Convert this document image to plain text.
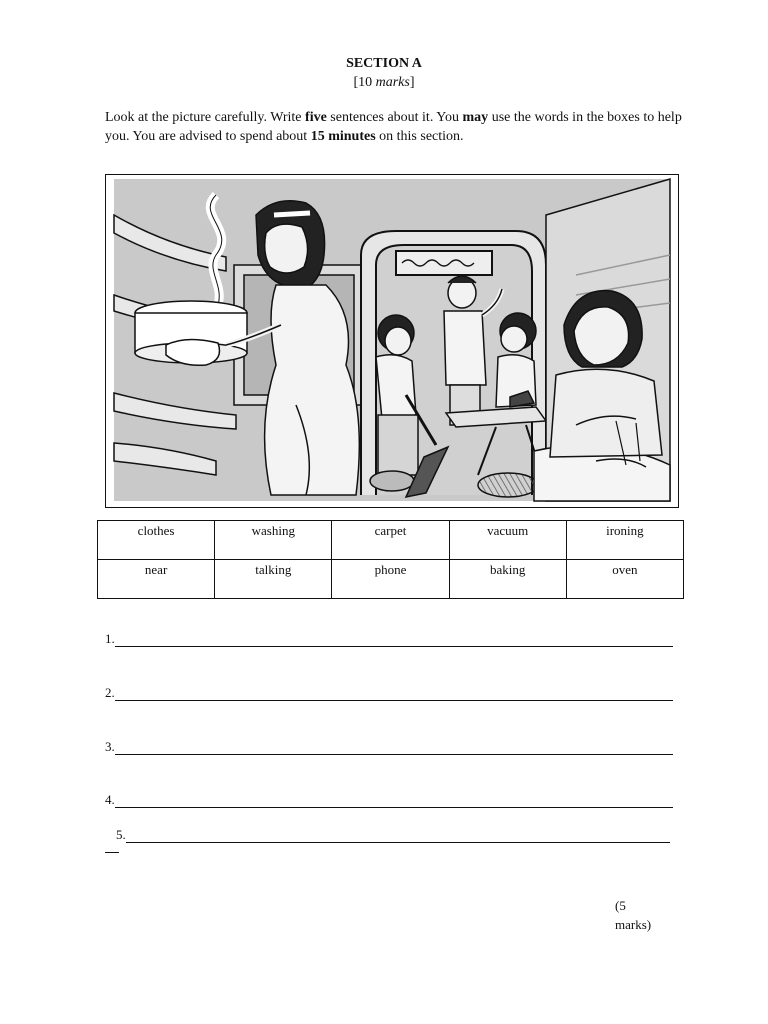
SECTION A
[10 marks]
Look at the picture carefully. Write five sentences about it. You may use the words in the boxes to help you. You are advised to spend about 15 minutes on this section.
clothes	washing	carpet	vacuum	ironing
near	talking	phone	baking	oven
1.
2.
3.
4.
5.
(5
marks)
